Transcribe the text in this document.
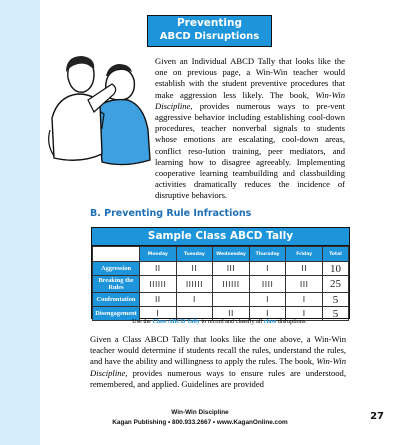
Preventing
ABCD Disruptions

Given an Individual ABCD Tally that looks like the one on previous page, a Win-Win teacher would establish with the student preventive procedures that make aggression less likely. The book, Win-Win Discipline, provides numerous ways to pre-vent aggressive behavior including establishing cool-down procedures, teacher nonverbal signals to students whose emotions are escalating, cool-down areas, conflict reso-lution training, peer mediators, and learning how to disagree agreeably. Implementing cooperative learning teambuilding and classbuilding activities dramatically reduces the incidence of disruptive behaviors.

B. Preventing Rule Infractions
Sample Class ABCD Tally
	Monday	Tuesday	Wednesday	Thursday	Friday	Total
Aggression	II	II	III	I	II	10
Breaking the Rules	IIIIII	IIIIII	IIIIII	IIII	III	25
Confrontation	II	I		I	I	5
Disengagement	I		II	I	I	5
Use the Class ABCD Tally to record and classify all class disruptions.

Given a Class ABCD Tally that looks like the one above, a Win-Win teacher would determine if students recall the rules, understand the rules, and have the ability and willingness to apply the rules. The book, Win-Win Discipline, provides numerous ways to ensure rules are understood, remembered, and applied. Guidelines are provided

Win-Win Discipline
Kagan Publishing • 800.933.2667 • www.KaganOnline.com
27
